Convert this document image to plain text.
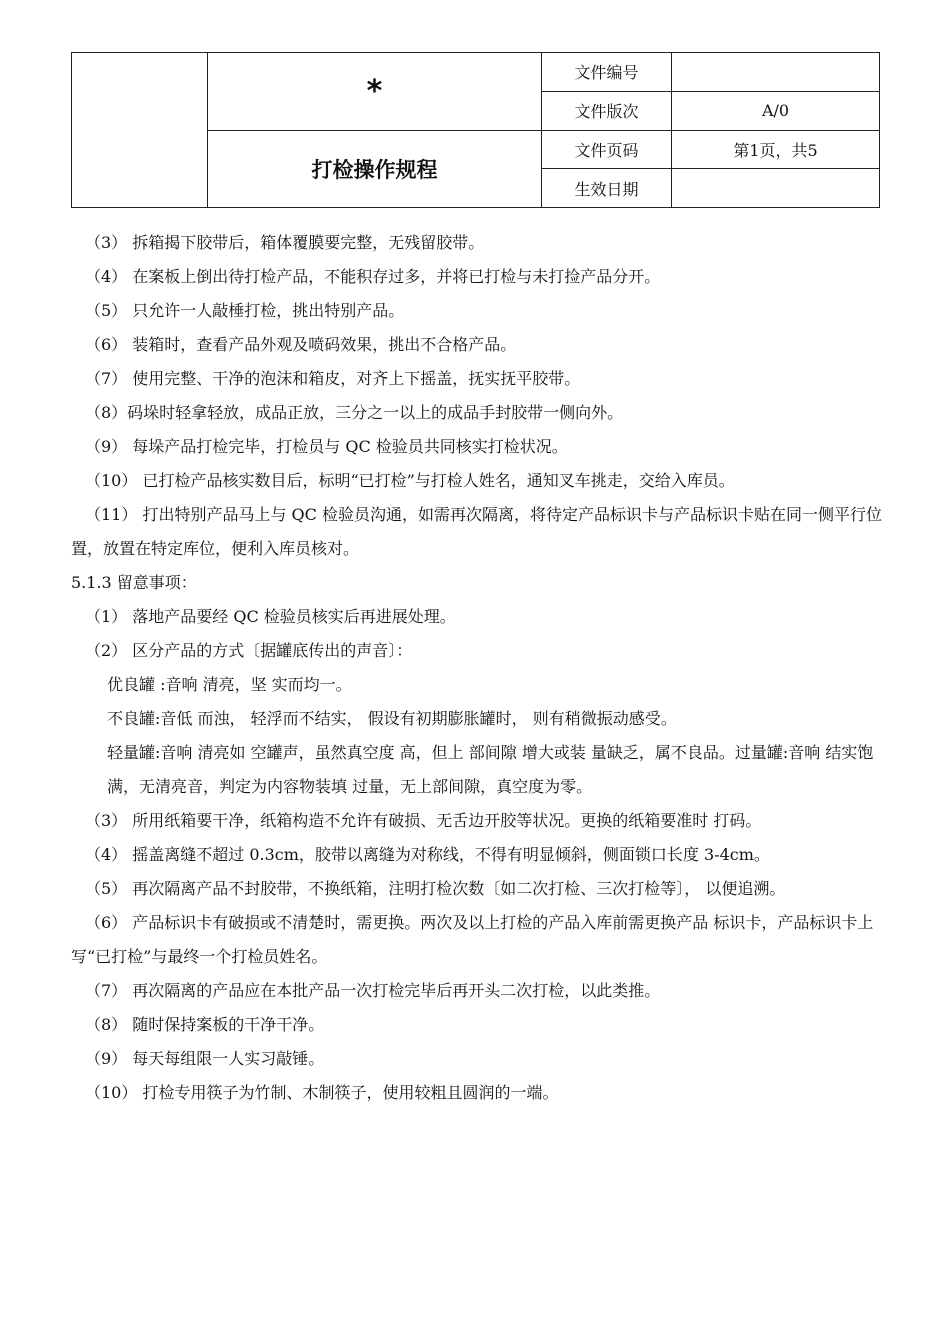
	*	文件编号	
		文件版次	A/0
	打检操作规程	文件页码	第1页，共5
		生效日期	

（3） 拆箱揭下胶带后，箱体覆膜要完整，无残留胶带。

（4） 在案板上倒出待打检产品，不能积存过多，并将已打检与未打捡产品分开。

（5） 只允许一人敲棰打检，挑出特别产品。

（6） 装箱时，查看产品外观及喷码效果，挑出不合格产品。

（7） 使用完整、干净的泡沫和箱皮，对齐上下摇盖，抚实抚平胶带。

（8）码垛时轻拿轻放，成品正放，三分之一以上的成品手封胶带一侧向外。

（9） 每垛产品打检完毕，打检员与 QC 检验员共同核实打检状况。

（10） 已打检产品核实数目后，标明“已打检”与打检人姓名，通知叉车挑走，交给入库员。

（11） 打出特别产品马上与 QC 检验员沟通，如需再次隔离，将待定产品标识卡与产品标识卡贴在同一侧平行位置，放置在特定库位，便利入库员核对。

5.1.3 留意事项：

（1） 落地产品要经 QC 检验员核实后再进展处理。

（2） 区分产品的方式〔据罐底传出的声音〕：

优良罐 :音响 清亮，坚 实而均一。

不良罐:音低 而浊， 轻浮而不结实， 假设有初期膨胀罐时， 则有稍微振动感受。

轻量罐:音响 清亮如 空罐声，虽然真空度 高，但上 部间隙 增大或装 量缺乏，属不良品。过量罐:音响 结实饱 满，无清亮音，判定为内容物装填 过量，无上部间隙，真空度为零。

（3） 所用纸箱要干净，纸箱构造不允许有破损、无舌边开胶等状况。更换的纸箱要准时 打码。

（4） 摇盖离缝不超过 0.3cm，胶带以离缝为对称线，不得有明显倾斜，侧面锁口长度 3-4cm。

（5） 再次隔离产品不封胶带，不换纸箱，注明打检次数〔如二次打检、三次打检等〕， 以便追溯。

（6） 产品标识卡有破损或不清楚时，需更换。两次及以上打检的产品入库前需更换产品 标识卡，产品标识卡上写“已打检”与最终一个打检员姓名。

（7） 再次隔离的产品应在本批产品一次打检完毕后再开头二次打检，以此类推。

（8） 随时保持案板的干净干净。

（9） 每天每组限一人实习敲锤。

（10） 打检专用筷子为竹制、木制筷子，使用较粗且圆润的一端。
